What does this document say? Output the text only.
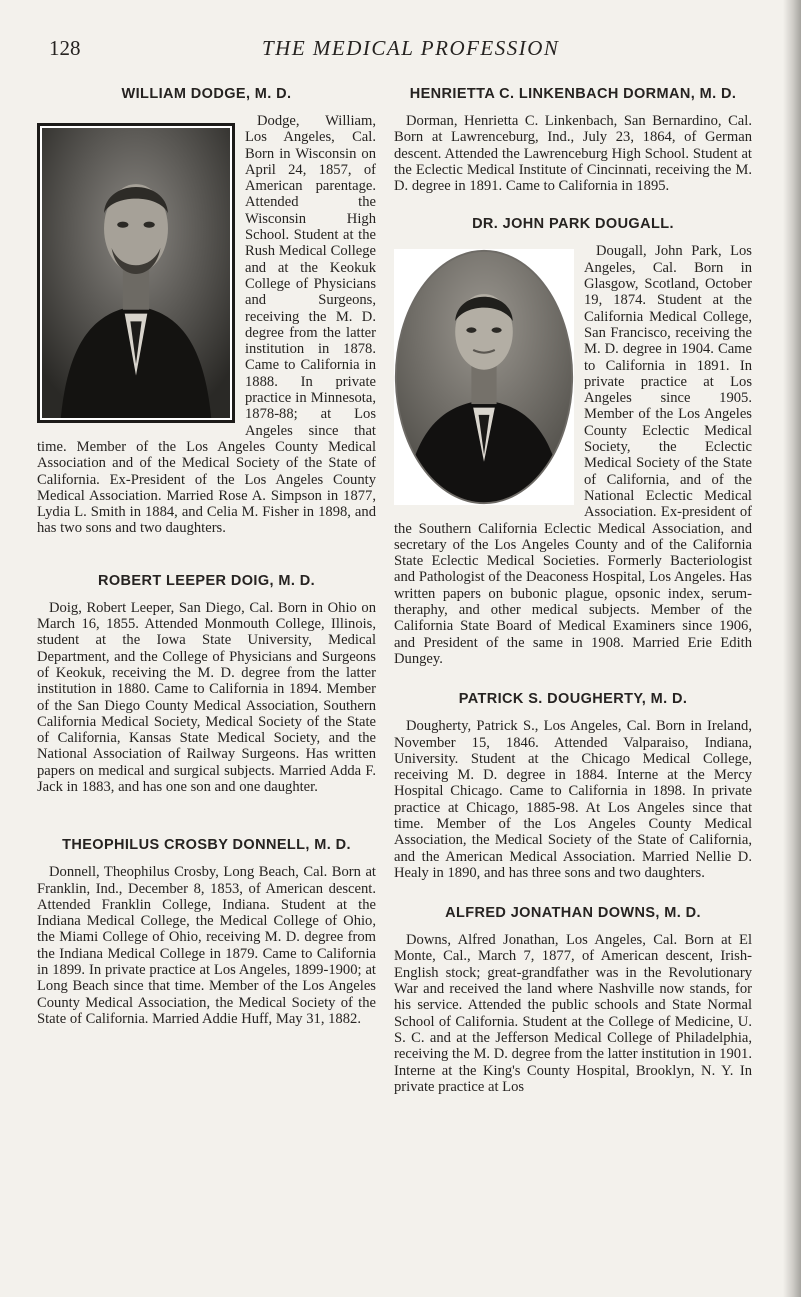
128	THE MEDICAL PROFESSION
WILLIAM DODGE, M. D.

Dodge, William, Los Angeles, Cal. Born in Wisconsin on April 24, 1857, of American parentage. Attended the Wisconsin High School. Student at the Rush Medical College and at the Keokuk College of Physicians and Surgeons, receiving the M. D. degree from the latter institution in 1878. Came to California in 1888. In private practice in Minnesota, 1878-88; at Los Angeles since that time. Member of the Los Angeles County Medical Association and of the Medical Society of the State of California. Ex-President of the Los Angeles County Medical Association. Married Rose A. Simpson in 1877, Lydia L. Smith in 1884, and Celia M. Fisher in 1898, and has two sons and two daughters.

ROBERT LEEPER DOIG, M. D.

Doig, Robert Leeper, San Diego, Cal. Born in Ohio on March 16, 1855. Attended Monmouth College, Illinois, student at the Iowa State University, Medical Department, and the College of Physicians and Surgeons of Keokuk, receiving the M. D. degree from the latter institution in 1880. Came to California in 1894. Member of the San Diego County Medical Association, Southern California Medical Society, Medical Society of the State of California, Kansas State Medical Society, and the National Association of Railway Surgeons. Has written papers on medical and surgical subjects. Married Adda F. Jack in 1883, and has one son and one daughter.

THEOPHILUS CROSBY DONNELL, M. D.

Donnell, Theophilus Crosby, Long Beach, Cal. Born at Franklin, Ind., December 8, 1853, of American descent. Attended Franklin College, Indiana. Student at the Indiana Medical College, the Medical College of Ohio, the Miami College of Ohio, receiving M. D. degree from the Indiana Medical College in 1879. Came to California in 1899. In private practice at Los Angeles, 1899-1900; at Long Beach since that time. Member of the Los Angeles County Medical Association, the Medical Society of the State of California. Married Addie Huff, May 31, 1882.

HENRIETTA C. LINKENBACH DORMAN, M. D.

Dorman, Henrietta C. Linkenbach, San Bernardino, Cal. Born at Lawrenceburg, Ind., July 23, 1864, of German descent. Attended the Lawrenceburg High School. Student at the Eclectic Medical Institute of Cincinnati, receiving the M. D. degree in 1891. Came to California in 1895.

DR. JOHN PARK DOUGALL.

Dougall, John Park, Los Angeles, Cal. Born in Glasgow, Scotland, October 19, 1874. Student at the California Medical College, San Francisco, receiving the M. D. degree in 1904. Came to California in 1891. In private practice at Los Angeles since 1905. Member of the Los Angeles County Eclectic Medical Society, the Eclectic Medical Society of the State of California, and of the National Eclectic Medical Association. Ex-president of the Southern California Eclectic Medical Association, and secretary of the Los Angeles County and of the California State Eclectic Medical Societies. Formerly Bacteriologist and Pathologist of the Deaconess Hospital, Los Angeles. Has written papers on bubonic plague, opsonic index, serum-theraphy, and other medical subjects. Member of the California State Board of Medical Examiners since 1906, and President of the same in 1908. Married Erie Edith Dungey.

PATRICK S. DOUGHERTY, M. D.

Dougherty, Patrick S., Los Angeles, Cal. Born in Ireland, November 15, 1846. Attended Valparaiso, Indiana, University. Student at the Chicago Medical College, receiving M. D. degree in 1884. Interne at the Mercy Hospital Chicago. Came to California in 1898. In private practice at Chicago, 1885-98. At Los Angeles since that time. Member of the Los Angeles County Medical Association, the Medical Society of the State of California, and the American Medical Association. Married Nellie D. Healy in 1890, and has three sons and two daughters.

ALFRED JONATHAN DOWNS, M. D.

Downs, Alfred Jonathan, Los Angeles, Cal. Born at El Monte, Cal., March 7, 1877, of American descent, Irish-English stock; great-grandfather was in the Revolutionary War and received the land where Nashville now stands, for his service. Attended the public schools and State Normal School of California. Student at the College of Medicine, U. S. C. and at the Jefferson Medical College of Philadelphia, receiving the M. D. degree from the latter institution in 1901. Interne at the King's County Hospital, Brooklyn, N. Y. In private practice at Los
